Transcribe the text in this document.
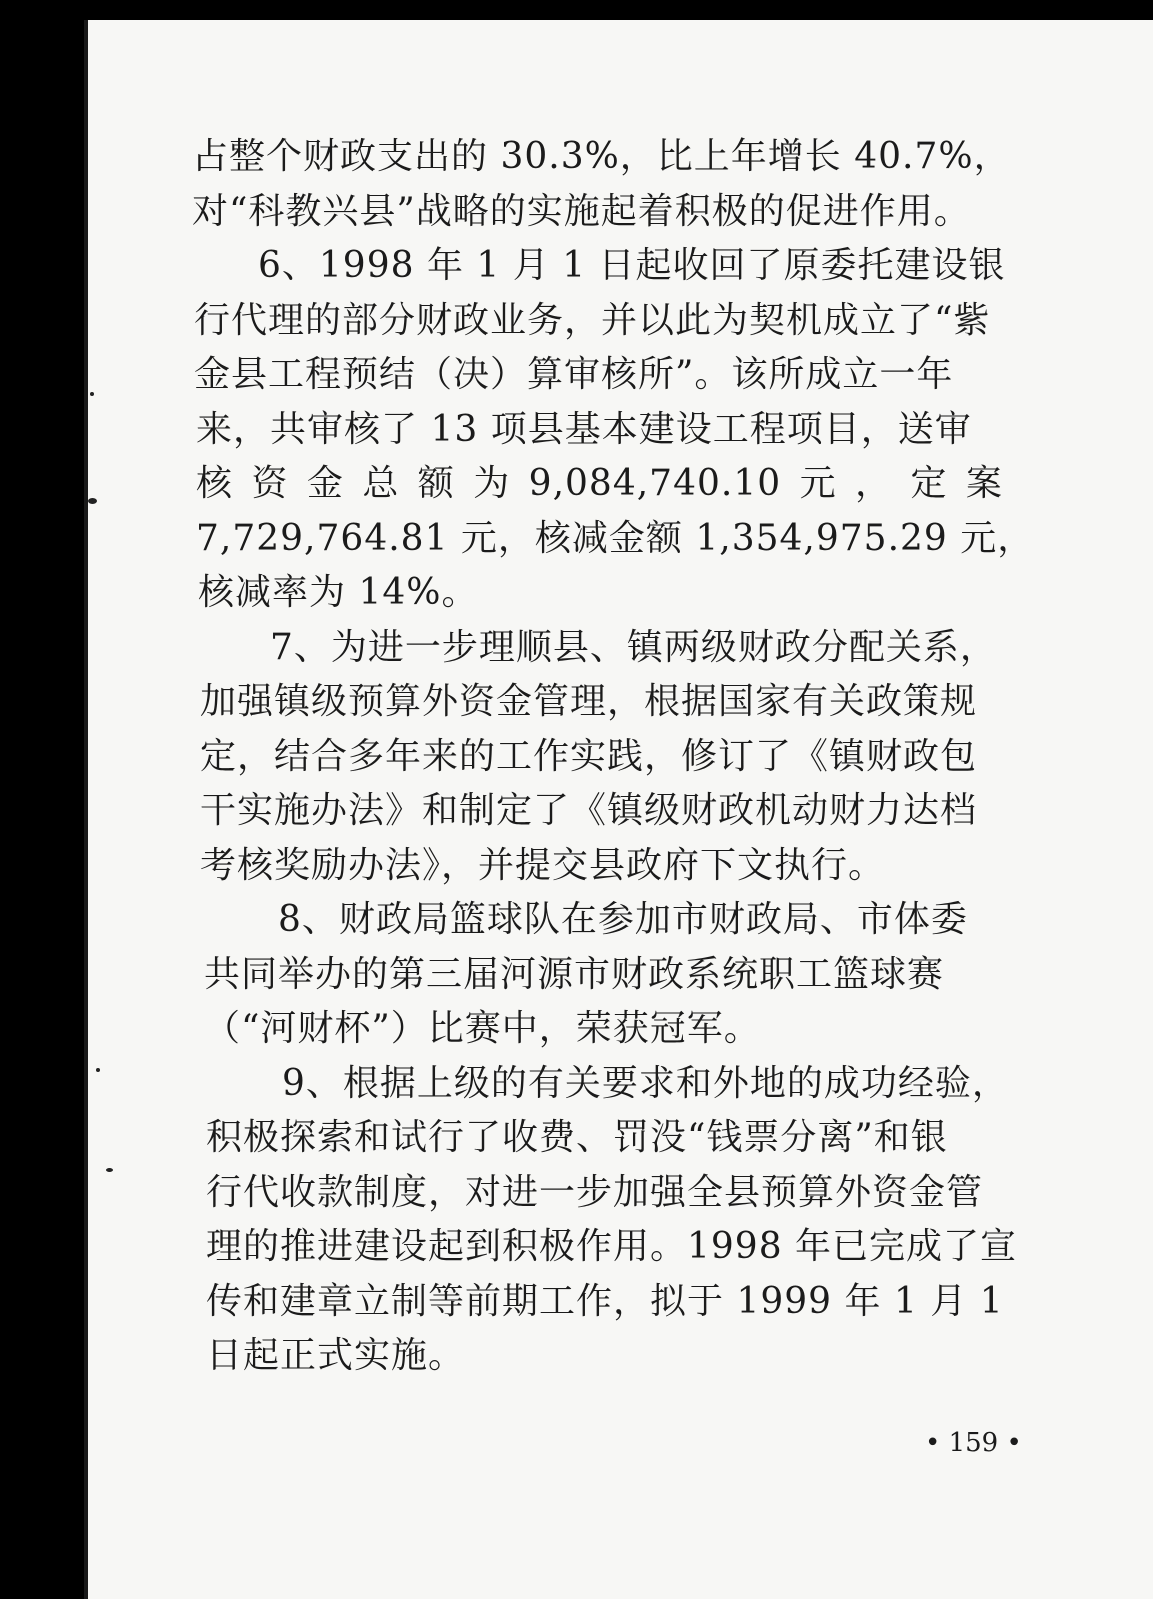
占整个财政支出的 30.3%，比上年增长 40.7%，
对“科教兴县”战略的实施起着积极的促进作用。
6、1998 年 1 月 1 日起收回了原委托建设银
行代理的部分财政业务，并以此为契机成立了“紫
金县工程预结（决）算审核所”。该所成立一年
来，共审核了 13 项县基本建设工程项目，送审
核 资 金 总 额 为 9,084,740.10 元 ， 定 案
7,729,764.81 元，核减金额 1,354,975.29 元，
核减率为 14%。
7、为进一步理顺县、镇两级财政分配关系，
加强镇级预算外资金管理，根据国家有关政策规
定，结合多年来的工作实践，修订了《镇财政包
干实施办法》和制定了《镇级财政机动财力达档
考核奖励办法》，并提交县政府下文执行。
8、财政局篮球队在参加市财政局、市体委
共同举办的第三届河源市财政系统职工篮球赛
（“河财杯”）比赛中，荣获冠军。
9、根据上级的有关要求和外地的成功经验，
积极探索和试行了收费、罚没“钱票分离”和银
行代收款制度，对进一步加强全县预算外资金管
理的推进建设起到积极作用。1998 年已完成了宣
传和建章立制等前期工作，拟于 1999 年 1 月 1
日起正式实施。
• 159 •
